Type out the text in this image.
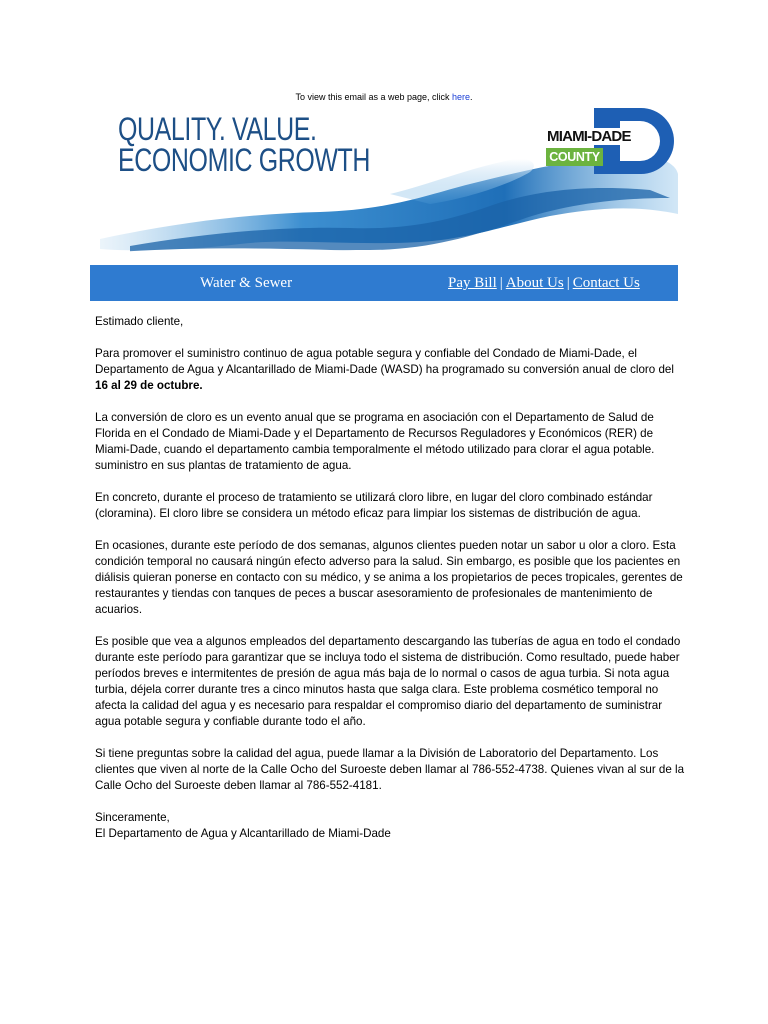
To view this email as a web page, click here.
QUALITY. VALUE.
ECONOMIC GROWTH
MIAMI-DADE
COUNTY
Water & Sewer	Pay Bill | About Us | Contact Us

Estimado cliente,

Para promover el suministro continuo de agua potable segura y confiable del Condado de Miami-Dade, el Departamento de Agua y Alcantarillado de Miami-Dade (WASD) ha programado su conversión anual de cloro del 16 al 29 de octubre.

La conversión de cloro es un evento anual que se programa en asociación con el Departamento de Salud de Florida en el Condado de Miami-Dade y el Departamento de Recursos Reguladores y Económicos (RER) de Miami-Dade, cuando el departamento cambia temporalmente el método utilizado para clorar el agua potable. suministro en sus plantas de tratamiento de agua.

En concreto, durante el proceso de tratamiento se utilizará cloro libre, en lugar del cloro combinado estándar (cloramina). El cloro libre se considera un método eficaz para limpiar los sistemas de distribución de agua.

En ocasiones, durante este período de dos semanas, algunos clientes pueden notar un sabor u olor a cloro. Esta condición temporal no causará ningún efecto adverso para la salud. Sin embargo, es posible que los pacientes en diálisis quieran ponerse en contacto con su médico, y se anima a los propietarios de peces tropicales, gerentes de restaurantes y tiendas con tanques de peces a buscar asesoramiento de profesionales de mantenimiento de acuarios.

Es posible que vea a algunos empleados del departamento descargando las tuberías de agua en todo el condado durante este período para garantizar que se incluya todo el sistema de distribución. Como resultado, puede haber períodos breves e intermitentes de presión de agua más baja de lo normal o casos de agua turbia. Si nota agua turbia, déjela correr durante tres a cinco minutos hasta que salga clara. Este problema cosmético temporal no afecta la calidad del agua y es necesario para respaldar el compromiso diario del departamento de suministrar agua potable segura y confiable durante todo el año.

Si tiene preguntas sobre la calidad del agua, puede llamar a la División de Laboratorio del Departamento. Los clientes que viven al norte de la Calle Ocho del Suroeste deben llamar al 786-552-4738. Quienes vivan al sur de la Calle Ocho del Suroeste deben llamar al 786-552-4181.

Sinceramente,

El Departamento de Agua y Alcantarillado de Miami-Dade
